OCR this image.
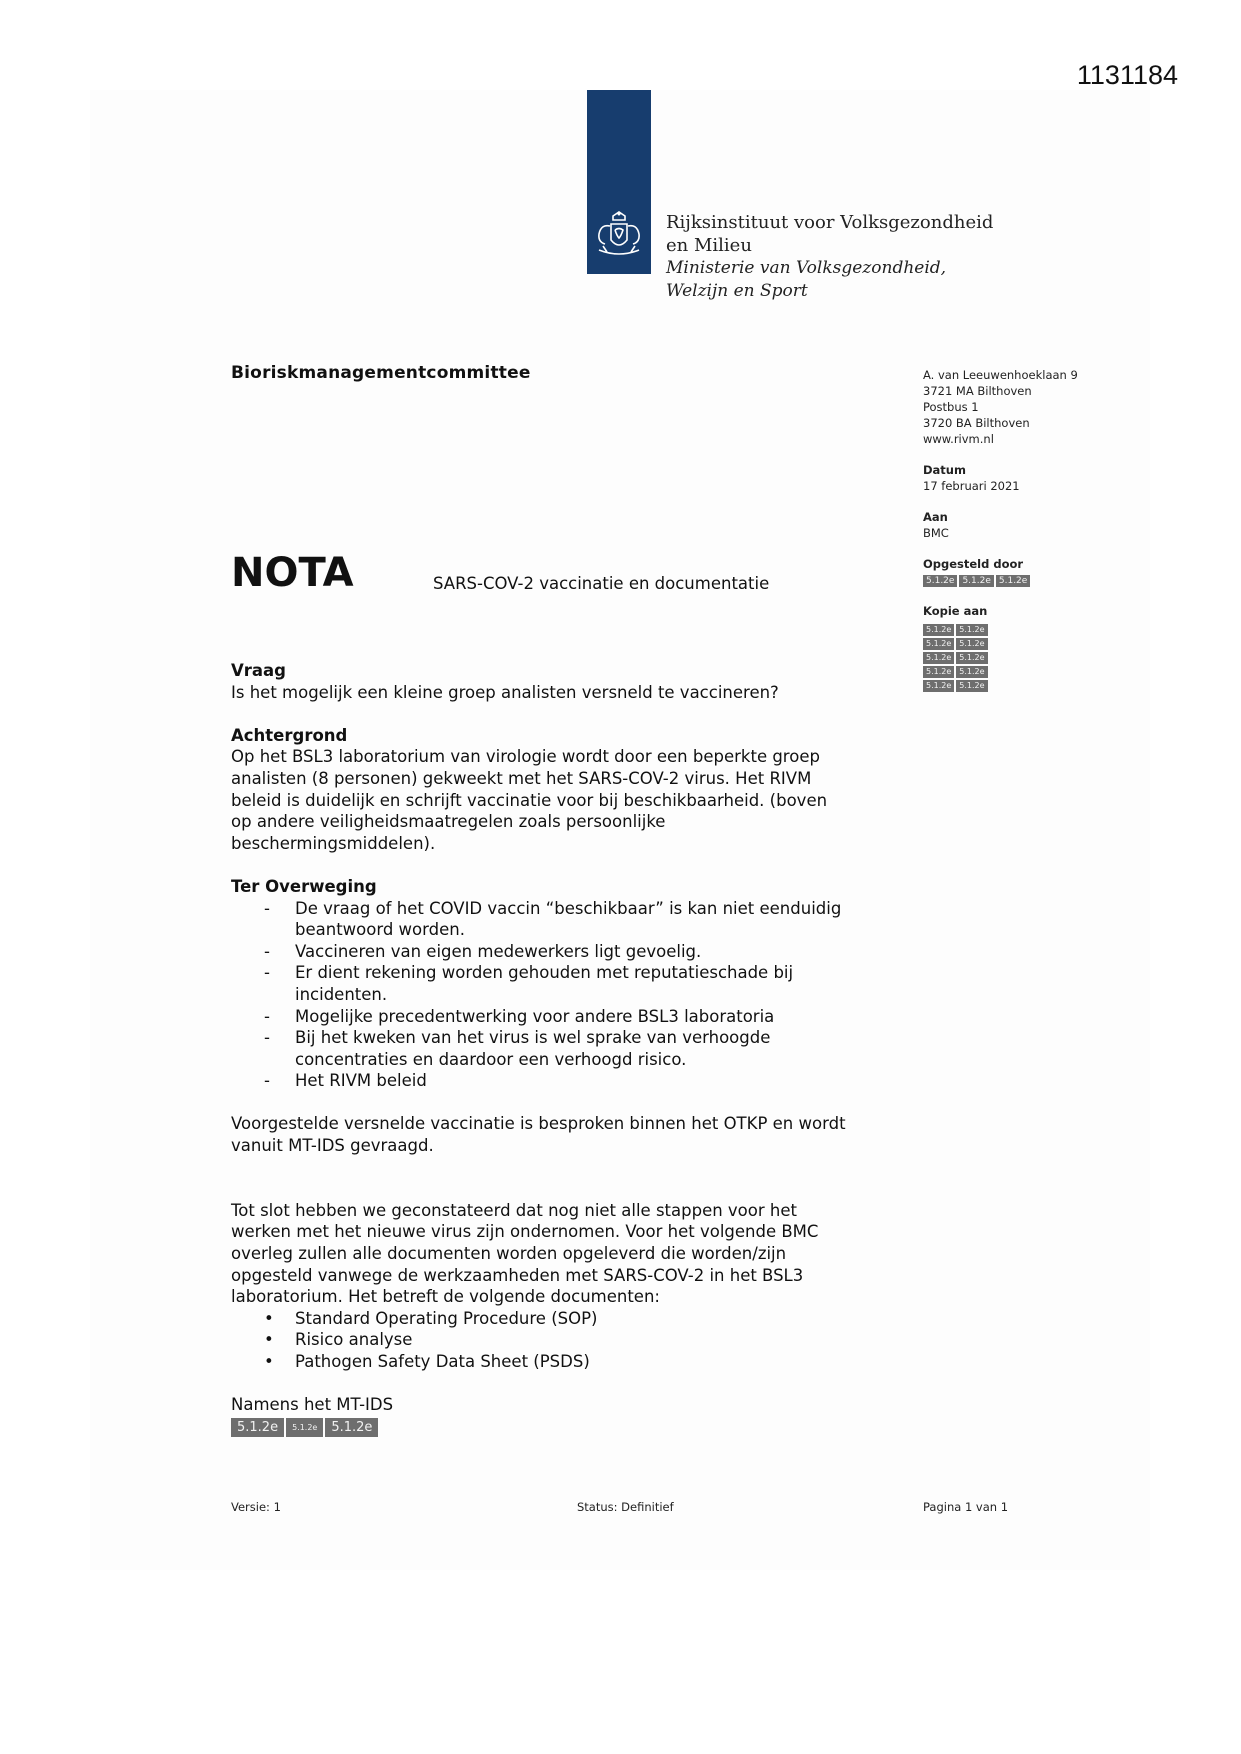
1131184
Rijksinstituut voor Volksgezondheid
en Milieu
Ministerie van Volksgezondheid,
Welzijn en Sport
Bioriskmanagementcommittee	A. van Leeuwenhoeklaan 9
3721 MA Bilthoven
Postbus 1
3720 BA Bilthoven
www.rivm.nl
Datum
17 februari 2021
Aan
BMC
Opgesteld door
5.1.2e 5.1.2e 5.1.2e
Kopie aan
5.1.2e 5.1.2e
5.1.2e 5.1.2e
5.1.2e 5.1.2e
5.1.2e 5.1.2e
5.1.2e 5.1.2e
NOTA	SARS-COV-2 vaccinatie en documentatie

Vraag

Is het mogelijk een kleine groep analisten versneld te vaccineren?

Achtergrond

Op het BSL3 laboratorium van virologie wordt door een beperkte groep

analisten (8 personen) gekweekt met het SARS-COV-2 virus. Het RIVM

beleid is duidelijk en schrijft vaccinatie voor bij beschikbaarheid. (boven

op andere veiligheidsmaatregelen zoals persoonlijke

beschermingsmiddelen).

Ter Overweging

- De vraag of het COVID vaccin “beschikbaar” is kan niet eenduidig
beantwoord worden.
- Vaccineren van eigen medewerkers ligt gevoelig.
- Er dient rekening worden gehouden met reputatieschade bij
incidenten.
- Mogelijke precedentwerking voor andere BSL3 laboratoria
- Bij het kweken van het virus is wel sprake van verhoogde
concentraties en daardoor een verhoogd risico.
- Het RIVM beleid

Voorgestelde versnelde vaccinatie is besproken binnen het OTKP en wordt

vanuit MT-IDS gevraagd.

Tot slot hebben we geconstateerd dat nog niet alle stappen voor het

werken met het nieuwe virus zijn ondernomen. Voor het volgende BMC

overleg zullen alle documenten worden opgeleverd die worden/zijn

opgesteld vanwege de werkzaamheden met SARS-COV-2 in het BSL3

laboratorium. Het betreft de volgende documenten:

• Standard Operating Procedure (SOP)
• Risico analyse
• Pathogen Safety Data Sheet (PSDS)

Namens het MT-IDS

5.1.2e 5.1.2e 5.1.2e
Versie: 1	Status: Definitief	Pagina 1 van 1
